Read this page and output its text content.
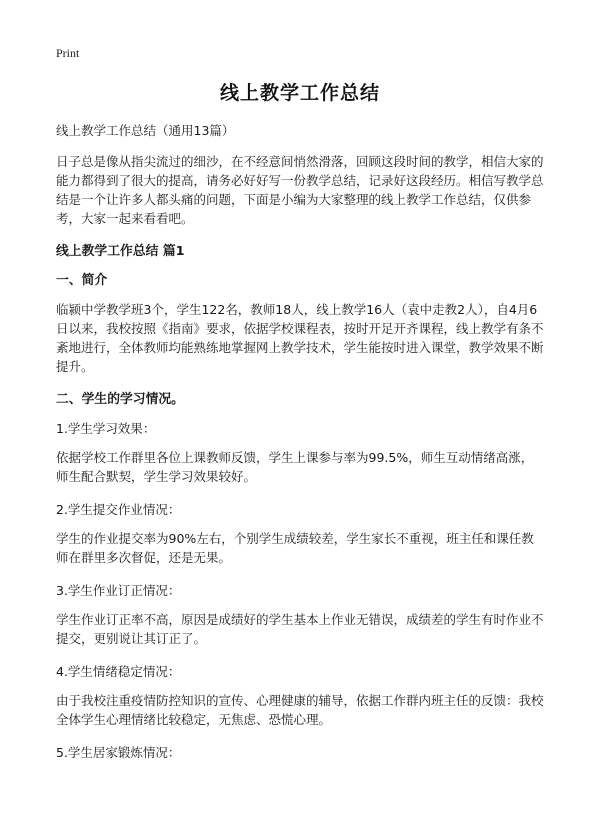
Print
线上教学工作总结

线上教学工作总结（通用13篇）

日子总是像从指尖流过的细沙，在不经意间悄然滑落，回顾这段时间的教学，相信大家的能力都得到了很大的提高，请务必好好写一份教学总结，记录好这段经历。相信写教学总结是一个让许多人都头痛的问题，下面是小编为大家整理的线上教学工作总结，仅供参考，大家一起来看看吧。

线上教学工作总结 篇1

一、简介

临颍中学教学班3个，学生122名，教师18人，线上教学16人（袁中走教2人），自4月6日以来，我校按照《指南》要求，依据学校课程表，按时开足开齐课程，线上教学有条不紊地进行，全体教师均能熟练地掌握网上教学技术，学生能按时进入课堂，教学效果不断提升。

二、学生的学习情况。

1.学生学习效果：

依据学校工作群里各位上课教师反馈，学生上课参与率为99.5%，师生互动情绪高涨，师生配合默契，学生学习效果较好。

2.学生提交作业情况：

学生的作业提交率为90%左右，个别学生成绩较差，学生家长不重视，班主任和课任教师在群里多次督促，还是无果。

3.学生作业订正情况：

学生作业订正率不高，原因是成绩好的学生基本上作业无错误，成绩差的学生有时作业不提交，更别说让其订正了。

4.学生情绪稳定情况：

由于我校注重疫情防控知识的宣传、心理健康的辅导，依据工作群内班主任的反馈：我校全体学生心理情绪比较稳定，无焦虑、恐慌心理。

5.学生居家锻炼情况：
